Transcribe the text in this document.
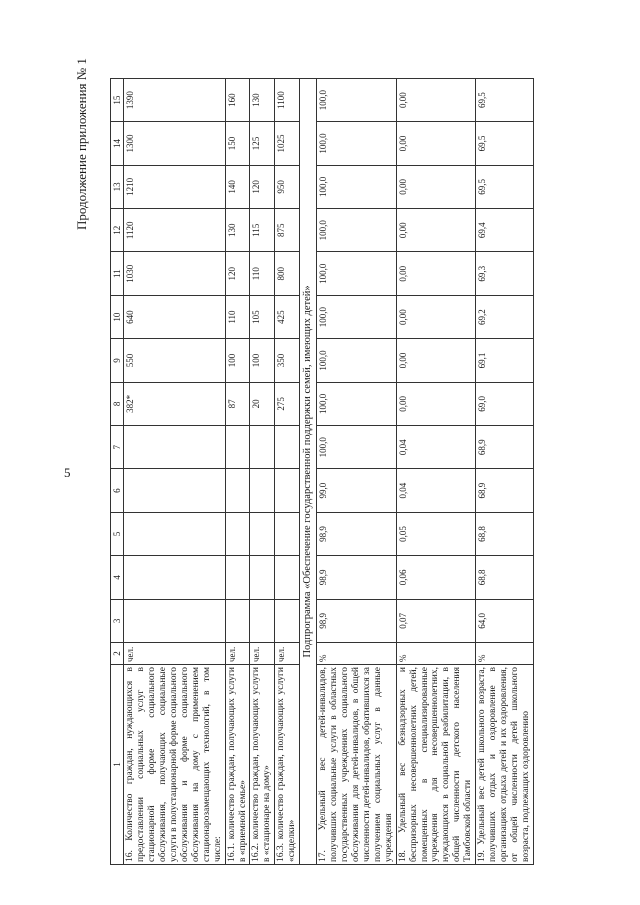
5
Продолжение приложения № 1
1	2	3	4	5	6	7	8	9	10	11	12	13	14	15
16. Количество граждан, нуждающихся в предоставлении социальных услуг в стационарной форме социального обслуживания, получающих социальные услуги в полустационарной форме социального обслуживания и форме социального обслуживания на дому с применением стационарозамещающих технологий, в том числе:	чел.						382*	550	640	1030	1120	1210	1300	1390
16.1. количество граждан, получающих услуги в «приемной семье»	чел.						87	100	110	120	130	140	150	160
16.2. количество граждан, получающих услуги в «стационаре на дому»	чел.						20	100	105	110	115	120	125	130
16.3. количество граждан, получающих услуги «сиделки»	чел.						275	350	425	800	875	950	1025	1100
Подпрограмма «Обеспечение государственной поддержки семей, имеющих детей»														
17. Удельный вес детей-инвалидов, получивших социальные услуги в областных государственных учреждениях социального обслуживания для детей-инвалидов, в общей численности детей-инвалидов, обратившихся за получением социальных услуг в данные учреждения	%	98,9	98,9	98,9	99,0	100,0	100,0	100,0	100,0	100,0	100,0	100,0	100,0	100,0
18. Удельный вес безнадзорных и беспризорных несовершеннолетних детей, помещенных в специализированные учреждения для несовершеннолетних, нуждающихся в социальной реабилитации, в общей численности детского населения Тамбовской области	%	0,07	0,06	0,05	0,04	0,04	0,00	0,00	0,00	0,00	0,00	0,00	0,00	0,00
19. Удельный вес детей школьного возраста, получивших отдых и оздоровление в организациях отдыха детей и их оздоровления, от общей численности детей школьного возраста, подлежащих оздоровлению	%	64,0	68,8	68,8	68,9	68,9	69,0	69,1	69,2	69,3	69,4	69,5	69,5	69,5
